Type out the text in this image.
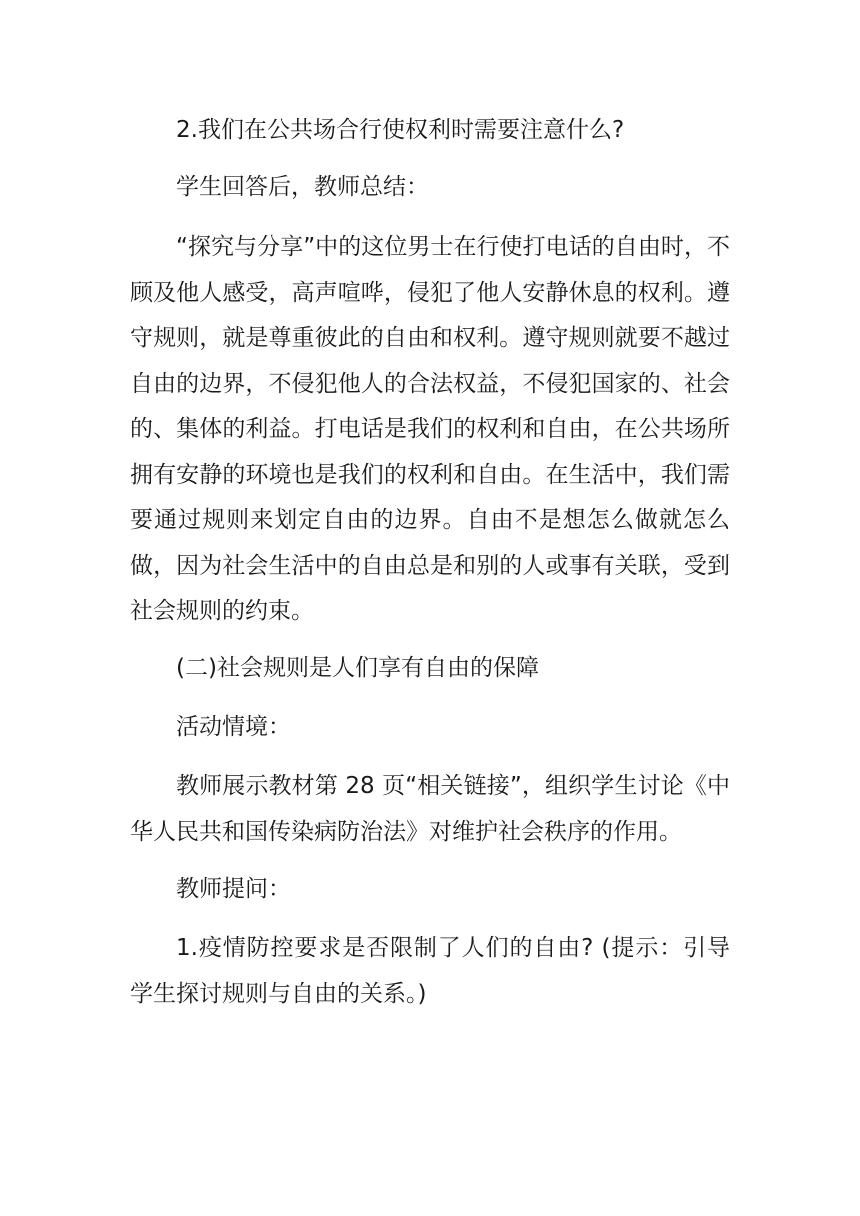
2.我们在公共场合行使权利时需要注意什么?

学生回答后，教师总结：

“探究与分享”中的这位男士在行使打电话的自由时，不顾及他人感受，高声喧哗，侵犯了他人安静休息的权利。遵守规则，就是尊重彼此的自由和权利。遵守规则就要不越过自由的边界，不侵犯他人的合法权益，不侵犯国家的、社会的、集体的利益。打电话是我们的权利和自由，在公共场所拥有安静的环境也是我们的权利和自由。在生活中，我们需要通过规则来划定自由的边界。自由不是想怎么做就怎么做，因为社会生活中的自由总是和别的人或事有关联，受到社会规则的约束。

(二)社会规则是人们享有自由的保障

活动情境：

教师展示教材第 28 页“相关链接”，组织学生讨论《中华人民共和国传染病防治法》对维护社会秩序的作用。

教师提问：

1.疫情防控要求是否限制了人们的自由? (提示：引导学生探讨规则与自由的关系。)
